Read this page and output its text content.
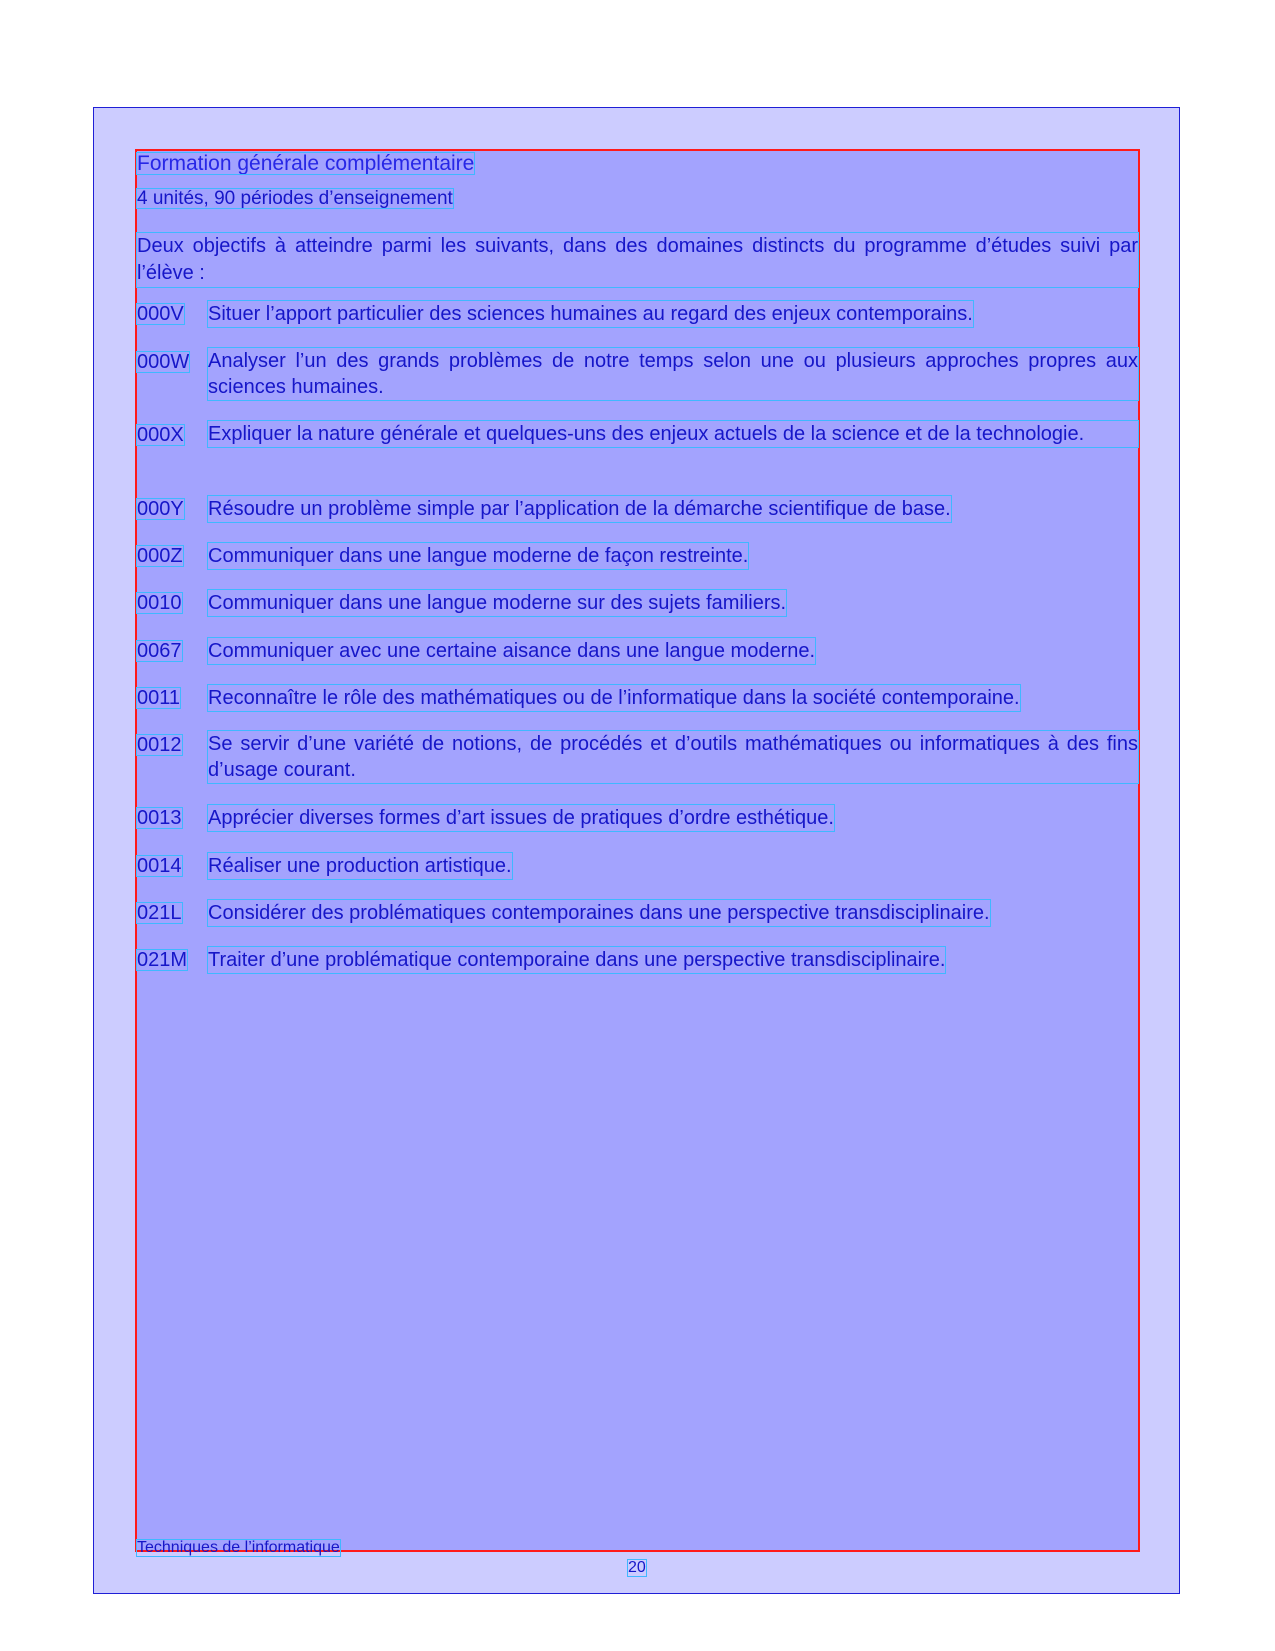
Formation générale complémentaire
4 unités, 90 périodes d’enseignement
Deux objectifs à atteindre parmi les suivants, dans des domaines distincts du programme d’études suivi par l’élève :
000V Situer l’apport particulier des sciences humaines au regard des enjeux contemporains.
000W Analyser l’un des grands problèmes de notre temps selon une ou plusieurs approches propres aux sciences humaines.
000X Expliquer la nature générale et quelques-uns des enjeux actuels de la science et de la technologie.
000Y Résoudre un problème simple par l’application de la démarche scientifique de base.
000Z Communiquer dans une langue moderne de façon restreinte.
0010 Communiquer dans une langue moderne sur des sujets familiers.
0067 Communiquer avec une certaine aisance dans une langue moderne.
0011 Reconnaître le rôle des mathématiques ou de l’informatique dans la société contemporaine.
0012 Se servir d’une variété de notions, de procédés et d’outils mathématiques ou informatiques à des fins d’usage courant.
0013 Apprécier diverses formes d’art issues de pratiques d’ordre esthétique.
0014 Réaliser une production artistique.
021L Considérer des problématiques contemporaines dans une perspective transdisciplinaire.
021M Traiter d’une problématique contemporaine dans une perspective transdisciplinaire.
Techniques de l’informatique
20
